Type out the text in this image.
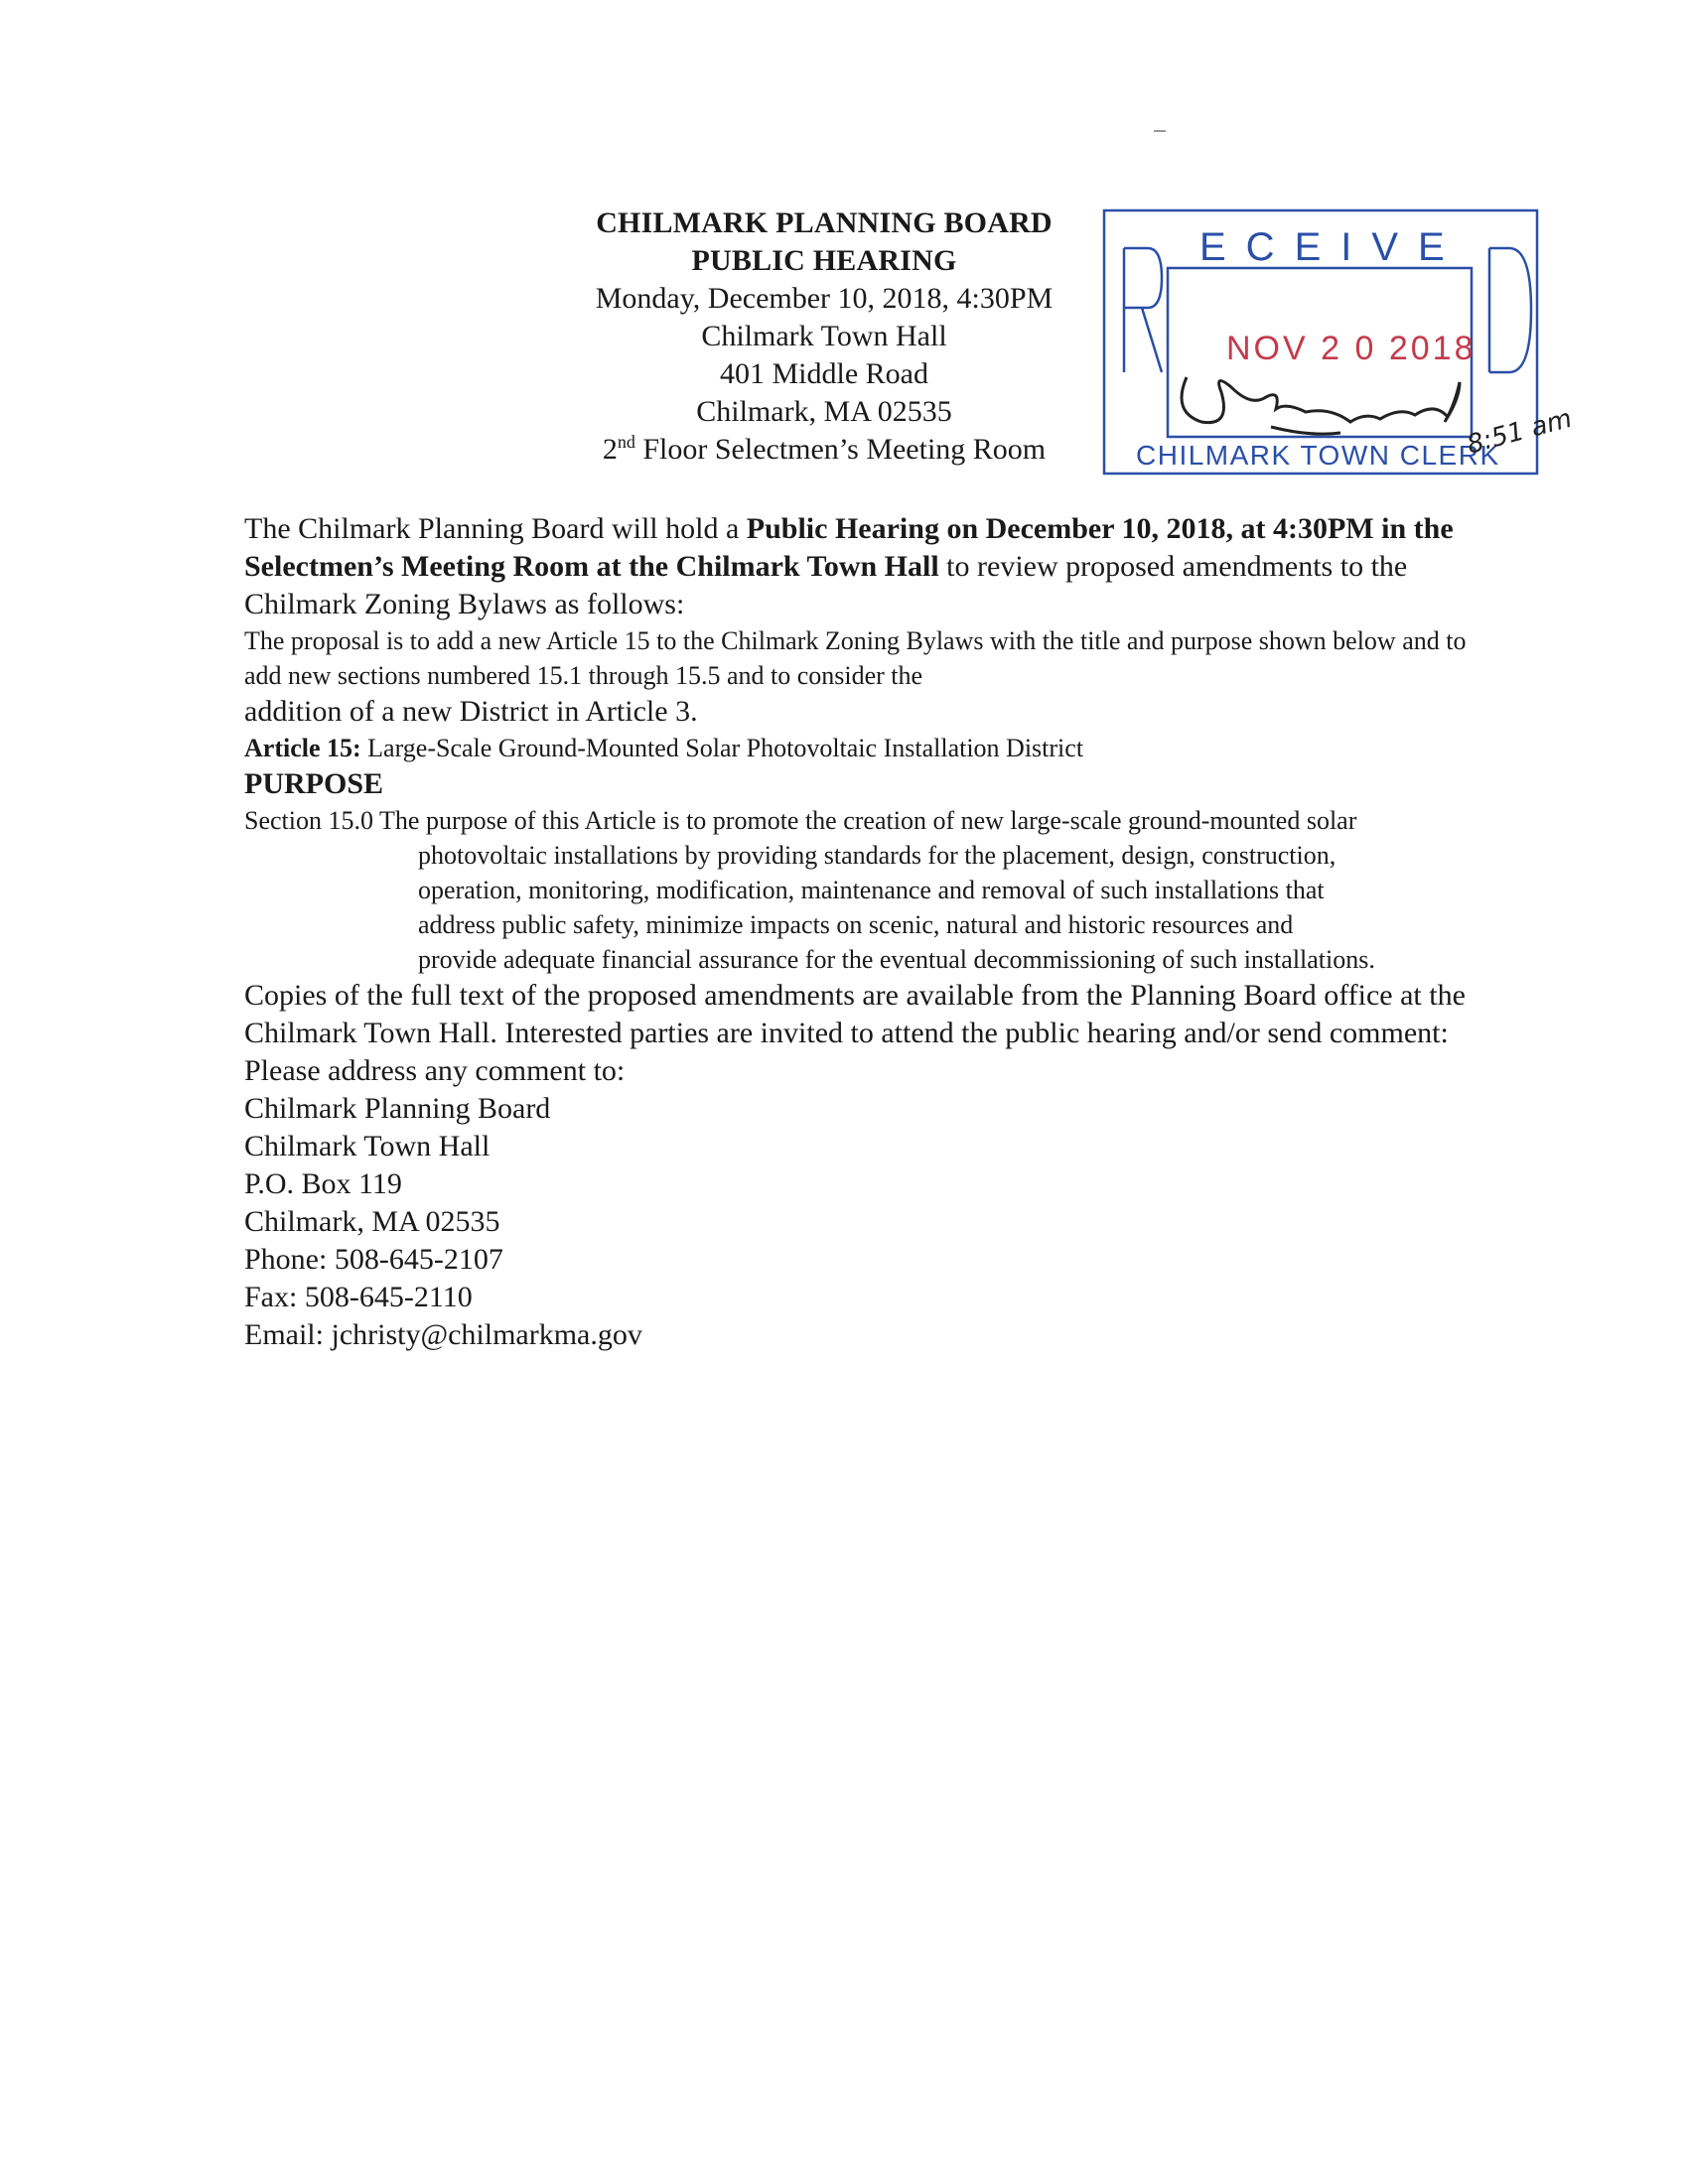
CHILMARK PLANNING BOARD
PUBLIC HEARING
Monday, December 10, 2018, 4:30PM
Chilmark Town Hall
401 Middle Road
Chilmark, MA 02535
2nd Floor Selectmen’s Meeting Room
ECEIVE
NOV 2 0 2018
CHILMARK TOWN CLERK
8:51 am
The Chilmark Planning Board will hold a Public Hearing on December 10, 2018, at 4:30PM in the Selectmen’s Meeting Room at the Chilmark Town Hall to review proposed amendments to the Chilmark Zoning Bylaws as follows:
The proposal is to add a new Article 15 to the Chilmark Zoning Bylaws with the title and purpose shown below and to add new sections numbered 15.1 through 15.5 and to consider the
addition of a new District in Article 3.
Article 15: Large-Scale Ground-Mounted Solar Photovoltaic Installation District
PURPOSE
Section 15.0 The purpose of this Article is to promote the creation of new large-scale ground-mounted solar photovoltaic installations by providing standards for the placement, design, construction, operation, monitoring, modification, maintenance and removal of such installations that address public safety, minimize impacts on scenic, natural and historic resources and provide adequate financial assurance for the eventual decommissioning of such installations.
Copies of the full text of the proposed amendments are available from the Planning Board office at the Chilmark Town Hall. Interested parties are invited to attend the public hearing and/or send comment: Please address any comment to:
Chilmark Planning Board
Chilmark Town Hall
P.O. Box 119
Chilmark, MA 02535
Phone: 508-645-2107
Fax: 508-645-2110
Email: jchristy@chilmarkma.gov
